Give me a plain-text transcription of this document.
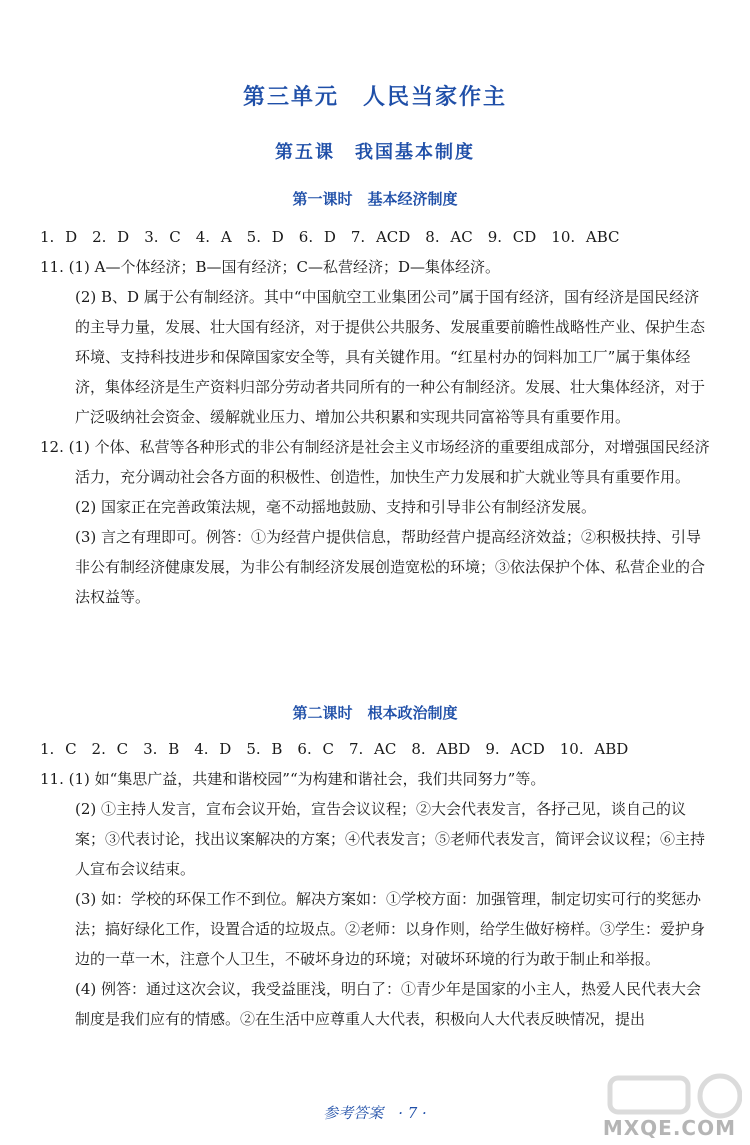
第三单元　人民当家作主
第五课　我国基本制度
第一课时　基本经济制度

1. D　2. D　3. C　4. A　5. D　6. D　7. ACD　8. AC　9. CD　10. ABC

11. (1) A—个体经济；B—国有经济；C—私营经济；D—集体经济。

(2) B、D 属于公有制经济。其中“中国航空工业集团公司”属于国有经济，国有经济是国民经济的主导力量，发展、壮大国有经济，对于提供公共服务、发展重要前瞻性战略性产业、保护生态环境、支持科技进步和保障国家安全等，具有关键作用。“红星村办的饲料加工厂”属于集体经济，集体经济是生产资料归部分劳动者共同所有的一种公有制经济。发展、壮大集体经济，对于广泛吸纳社会资金、缓解就业压力、增加公共积累和实现共同富裕等具有重要作用。

12. (1) 个体、私营等各种形式的非公有制经济是社会主义市场经济的重要组成部分，对增强国民经济活力，充分调动社会各方面的积极性、创造性，加快生产力发展和扩大就业等具有重要作用。

(2) 国家正在完善政策法规，毫不动摇地鼓励、支持和引导非公有制经济发展。

(3) 言之有理即可。例答：①为经营户提供信息，帮助经营户提高经济效益；②积极扶持、引导非公有制经济健康发展，为非公有制经济发展创造宽松的环境；③依法保护个体、私营企业的合法权益等。

第二课时　根本政治制度

1. C　2. C　3. B　4. D　5. B　6. C　7. AC　8. ABD　9. ACD　10. ABD

11. (1) 如“集思广益，共建和谐校园”“为构建和谐社会，我们共同努力”等。

(2) ①主持人发言，宣布会议开始，宣告会议议程；②大会代表发言，各抒己见，谈自己的议案；③代表讨论，找出议案解决的方案；④代表发言；⑤老师代表发言，简评会议议程；⑥主持人宣布会议结束。

(3) 如：学校的环保工作不到位。解决方案如：①学校方面：加强管理，制定切实可行的奖惩办法；搞好绿化工作，设置合适的垃圾点。②老师：以身作则，给学生做好榜样。③学生：爱护身边的一草一木，注意个人卫生，不破坏身边的环境；对破坏环境的行为敢于制止和举报。

(4) 例答：通过这次会议，我受益匪浅，明白了：①青少年是国家的小主人，热爱人民代表大会制度是我们应有的情感。②在生活中应尊重人大代表，积极向人大代表反映情况，提出

参考答案　· 7 ·
MXQE.COM
